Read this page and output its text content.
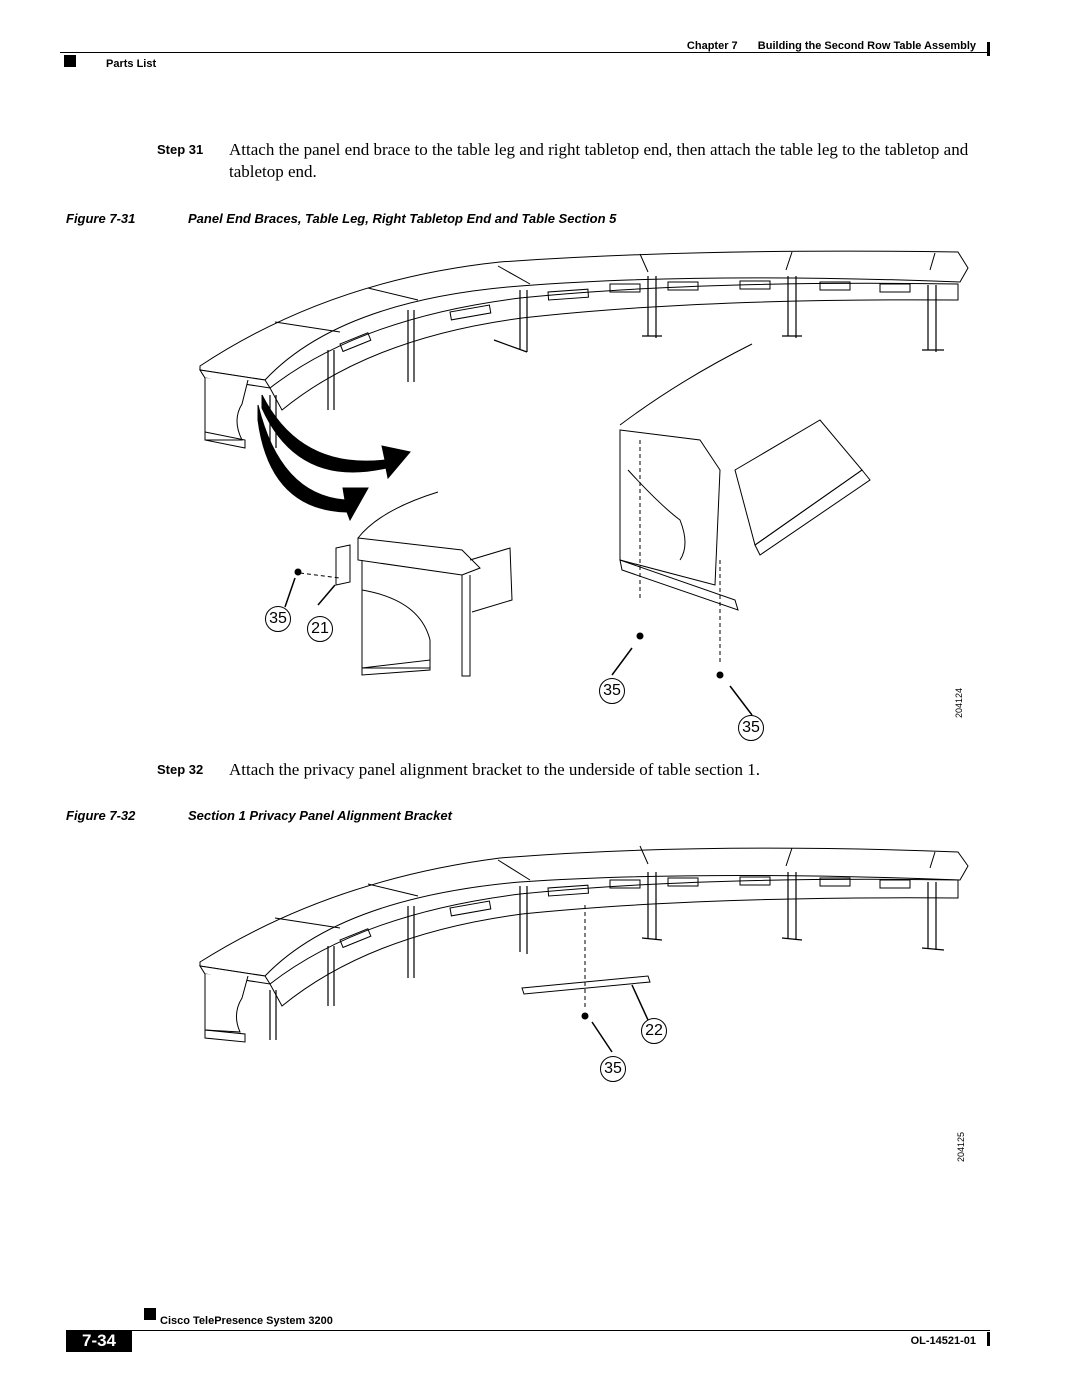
Chapter 7 Building the Second Row Table Assembly
Parts List
Step 31 Attach the panel end brace to the table leg and right tabletop end, then attach the table leg to the tabletop and tabletop end.
Figure 7-31	Panel End Braces, Table Leg, Right Tabletop End and Table Section 5
35
21
35
35
204124
Step 32 Attach the privacy panel alignment bracket to the underside of table section 1.
Figure 7-32	Section 1 Privacy Panel Alignment Bracket
22
35
204125
Cisco TelePresence System 3200
7-34	OL-14521-01
